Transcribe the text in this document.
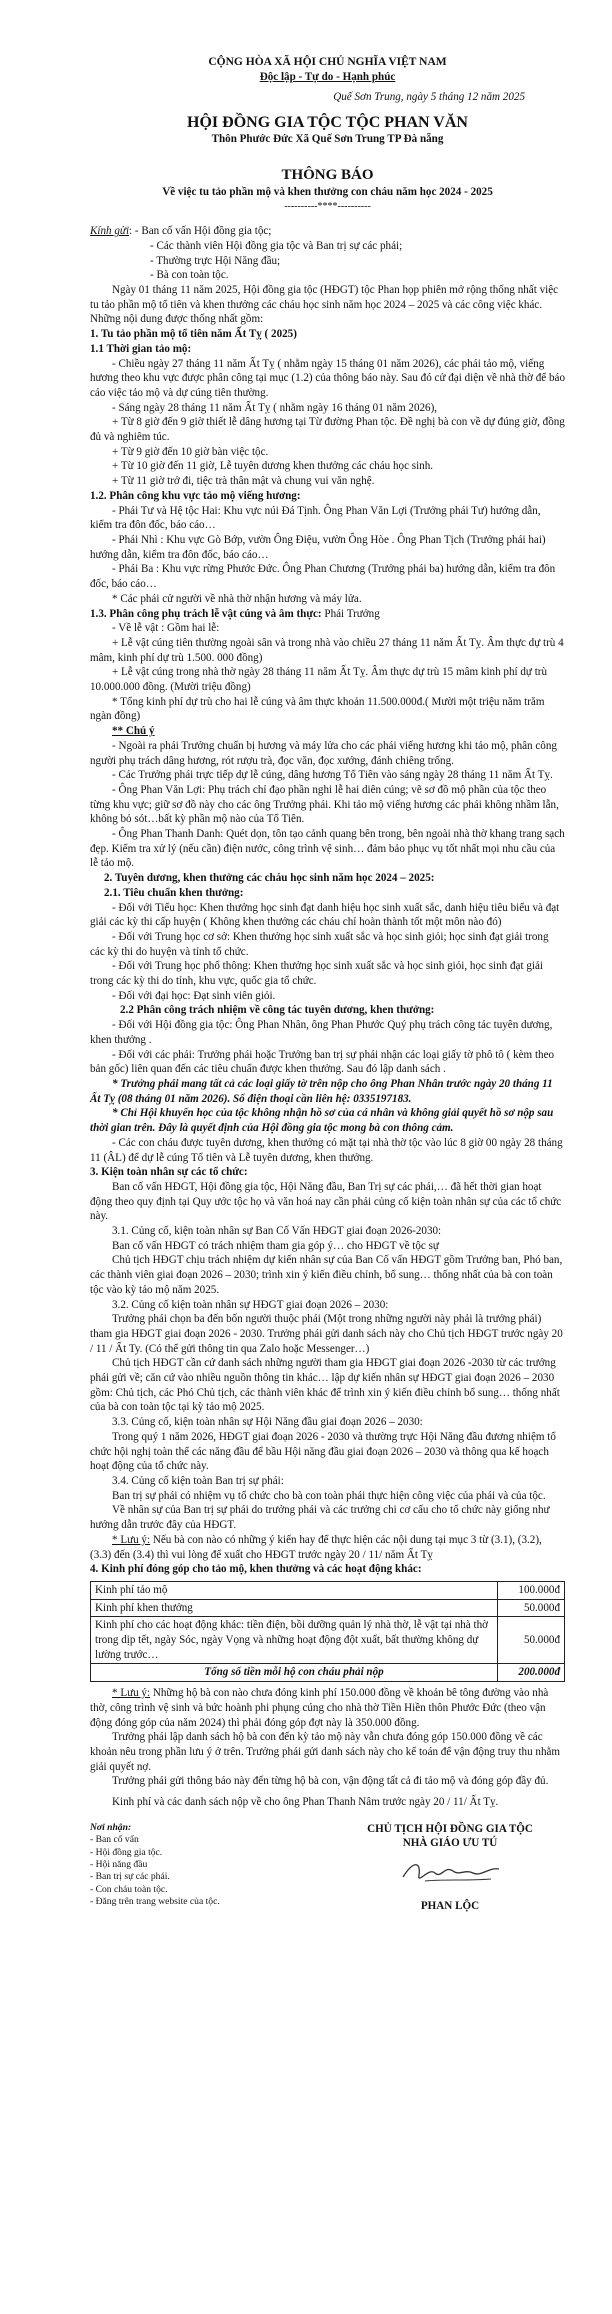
CỘNG HÒA XÃ HỘI CHỦ NGHĨA VIỆT NAM

Độc lập - Tự do - Hạnh phúc

Quế Sơn Trung, ngày 5 tháng 12 năm 2025

HỘI ĐỒNG GIA TỘC TỘC PHAN VĂN

Thôn Phước Đức Xã Quế Sơn Trung TP Đà nẵng

THÔNG BÁO

Về việc tu tảo phần mộ và khen thưởng con cháu năm học 2024 - 2025

----------****----------

Kính gửi: - Ban cố vấn Hội đồng gia tộc;

- Các thành viên Hội đồng gia tộc và Ban trị sự các phái;

- Thường trực Hội Năng đầu;

- Bà con toàn tộc.

Ngày 01 tháng 11 năm 2025, Hội đồng gia tộc (HĐGT) tộc Phan họp phiên mở rộng thống nhất việc tu tảo phần mộ tổ tiên và khen thưởng các cháu học sinh năm học 2024 – 2025 và các công việc khác. Những nội dung được thống nhất gồm:

1. Tu tảo phần mộ tổ tiên năm Ất Tỵ ( 2025)

1.1 Thời gian tảo mộ:

- Chiều ngày 27 tháng 11 năm Ất Tỵ ( nhằm ngày 15 tháng 01 năm 2026), các phái tảo mộ, viếng hương theo khu vực được phân công tại mục (1.2) của thông báo này. Sau đó cử đại diện về nhà thờ để báo cáo việc tảo mộ và dự cúng tiên thường.

- Sáng ngày 28 tháng 11 năm Ất Tỵ ( nhằm ngày 16 tháng 01 năm 2026),

+ Từ 8 giờ đến 9 giờ thiết lễ dâng hương tại Từ đường Phan tộc. Đề nghị bà con về dự đúng giờ, đồng đủ và nghiêm túc.

+ Từ 9 giờ đến 10 giờ bàn việc tộc.

+ Từ 10 giờ đến 11 giờ, Lễ tuyên dương khen thưởng các cháu học sinh.

+ Từ 11 giờ trở đi, tiệc trà thân mật và chung vui văn nghệ.

1.2. Phân công khu vực tảo mộ viếng hương:

- Phái Tư và Hệ tộc Hai: Khu vực núi Đá Tịnh. Ông Phan Văn Lợi (Trưởng phái Tư) hướng dẫn, kiểm tra đôn đốc, báo cáo…

- Phái Nhì : Khu vực Gò Bớp, vườn Ông Điệu, vườn Ông Hòe . Ông Phan Tịch (Trưởng phái hai) hướng dẫn, kiểm tra đôn đốc, báo cáo…

- Phái Ba : Khu vực rừng Phước Đức. Ông Phan Chương (Trưởng phái ba) hướng dẫn, kiểm tra đôn đốc, báo cáo…

* Các phái cử người về nhà thờ nhận hương và máy lửa.

1.3. Phân công phụ trách lễ vật cúng và âm thực: Phái Trưởng

- Về lễ vật : Gồm hai lễ:

+ Lễ vật cúng tiên thường ngoài sân và trong nhà vào chiều 27 tháng 11 năm Ất Tỵ. Âm thực dự trù 4 mâm, kinh phí dự trù 1.500. 000 đồng)

+ Lễ vật cúng trong nhà thờ ngày 28 tháng 11 năm Ất Tỵ. Âm thực dự trù 15 mâm kinh phí dự trù 10.000.000 đồng. (Mười triệu đồng)

* Tổng kinh phí dự trù cho hai lễ cúng và âm thực khoản 11.500.000đ.( Mười một triệu năm trăm ngàn đồng)

** Chú ý

- Ngoài ra phái Trưởng chuẩn bị hương và máy lửa cho các phái viếng hương khi tảo mộ, phân công người phụ trách dâng hương, rót rượu trà, đọc văn, đọc xướng, đánh chiêng trống.

- Các Trưởng phái trực tiếp dự lễ cúng, dâng hương Tổ Tiên vào sáng ngày 28 tháng 11 năm Ất Tỵ.

- Ông Phan Văn Lợi: Phụ trách chỉ đạo phần nghi lễ hai diên cúng; vẽ sơ đồ mộ phần của tộc theo từng khu vực; giữ sơ đồ này cho các ông Trưởng phái. Khi tảo mộ viếng hương các phái không nhầm lẫn, không bỏ sót…bất kỳ phần mộ nào của Tổ Tiên.

- Ông Phan Thanh Danh: Quét dọn, tôn tạo cảnh quang bên trong, bên ngoài nhà thờ khang trang sạch đẹp. Kiểm tra xử lý (nếu cần) điện nước, công trình vệ sinh… đảm bảo phục vụ tốt nhất mọi nhu cầu của lễ tảo mộ.

2. Tuyên dương, khen thưởng các cháu học sinh năm học 2024 – 2025:

2.1. Tiêu chuẩn khen thưởng:

- Đối với Tiểu học: Khen thưởng học sinh đạt danh hiệu học sinh xuất sắc, danh hiệu tiêu biểu và đạt giải các kỳ thi cấp huyện ( Không khen thưởng các cháu chỉ hoàn thành tốt một môn nào đó)

- Đối với Trung học cơ sở: Khen thưởng học sinh xuất sắc và học sinh giỏi; học sinh đạt giải trong các kỳ thi do huyện và tỉnh tổ chức.

- Đối với Trung học phổ thông: Khen thưởng học sinh xuất sắc và học sinh giỏi, học sinh đạt giải trong các kỳ thi do tỉnh, khu vực, quốc gia tổ chức.

- Đối với đại học: Đạt sinh viên giỏi.

2.2 Phân công trách nhiệm về công tác tuyên dương, khen thưởng:

- Đối với Hội đồng gia tộc: Ông Phan Nhân, ông Phan Phước Quý phụ trách công tác tuyên dương, khen thưởng .

- Đối với các phái: Trưởng phái hoặc Trưởng ban trị sự phái nhận các loại giấy tờ phô tô ( kèm theo bản gốc) liên quan đến các tiêu chuẩn được khen thưởng. Sau đó lập danh sách .

* Trưởng phái mang tất cả các loại giấy tờ trên nộp cho ông Phan Nhân trước ngày 20 tháng 11 Ất Tỵ (08 tháng 01 năm 2026). Số điện thoại cần liên hệ: 0335197183.

* Chỉ Hội khuyến học của tộc không nhận hồ sơ của cá nhân và không giải quyết hồ sơ nộp sau thời gian trên. Đây là quyết định của Hội đồng gia tộc mong bà con thông cảm.

- Các con cháu được tuyên dương, khen thưởng có mặt tại nhà thờ tộc vào lúc 8 giờ 00 ngày 28 tháng 11 (ÂL) để dự lễ cúng Tổ tiên và Lễ tuyên dương, khen thưởng.

3. Kiện toàn nhân sự các tổ chức:

Ban cố vấn HĐGT, Hội đồng gia tộc, Hội Năng đầu, Ban Trị sự các phái,… đã hết thời gian hoạt động theo quy định tại Quy ước tộc họ và văn hoá nay cần phải củng cố kiện toàn nhân sự của các tổ chức này.

3.1. Củng cố, kiện toàn nhân sự Ban Cố Vấn HĐGT giai đoạn 2026-2030:

Ban cố vấn HĐGT có trách nhiệm tham gia góp ý… cho HĐGT về tộc sự

Chủ tịch HĐGT chịu trách nhiệm dự kiến nhân sự của Ban Cố vấn HĐGT gồm Trưởng ban, Phó ban, các thành viên giai đoạn 2026 – 2030; trình xin ý kiến điều chỉnh, bổ sung… thống nhất của bà con toàn tộc vào kỳ tảo mộ năm 2025.

3.2. Củng cố kiện toàn nhân sự HĐGT giai đoạn 2026 – 2030:

Trưởng phái chọn ba đến bốn người thuộc phái (Một trong những người này phải là trưởng phái) tham gia HĐGT giai đoạn 2026 - 2030. Trưởng phái gửi danh sách này cho Chủ tịch HĐGT trước ngày 20 / 11 / Ất Ty. (Có thể gửi thông tin qua Zalo hoặc Messenger…)

Chủ tịch HĐGT cần cứ danh sách những người tham gia HĐGT giai đoạn 2026 -2030 từ các trưởng phái gửi về; căn cứ vào nhiều nguồn thông tin khác… lập dự kiến nhân sự HĐGT giai đoạn 2026 – 2030 gồm: Chủ tịch, các Phó Chủ tịch, các thành viên khác để trình xin ý kiến điều chỉnh bổ sung… thống nhất của bà con toàn tộc tại kỳ tảo mộ 2025.

3.3. Củng cố, kiện toàn nhân sự Hội Năng đầu giai đoạn 2026 – 2030:

Trong quý 1 năm 2026, HĐGT giai đoạn 2026 - 2030 và thường trực Hội Năng đầu đương nhiệm tổ chức hội nghị toàn thể các năng đầu để bầu Hội năng đầu giai đoạn 2026 – 2030 và thông qua kế hoạch hoạt động của tổ chức này.

3.4. Củng cố kiện toàn Ban trị sự phái:

Ban trị sự phái có nhiệm vụ tổ chức cho bà con toàn phái thực hiện công việc của phái và của tộc.

Về nhân sự của Ban trị sự phái do trưởng phái và các trưởng chi cơ cấu cho tổ chức này giống như hướng dẫn trước đây của HĐGT.

* Lưu ý: Nếu bà con nào có những ý kiến hay để thực hiện các nội dung tại mục 3 từ (3.1), (3.2), (3.3) đến (3.4) thì vui lòng để xuất cho HĐGT trước ngày 20 / 11/ năm Ất Tỵ

4. Kinh phí đóng góp cho tảo mộ, khen thưởng và các hoạt động khác:

Kinh phí tảo mộ	100.000đ
Kinh phí khen thưởng	50.000đ
Kinh phí cho các hoạt động khác: tiền điện, bồi dưỡng quản lý nhà thờ, lễ vật tại nhà thờ trong dịp tết, ngày Sóc, ngày Vọng và những hoạt động đột xuất, bất thường không dự lường trước…	50.000đ
Tổng số tiền mỗi hộ con cháu phải nộp	200.000đ

* Lưu ý: Những hộ bà con nào chưa đóng kinh phí 150.000 đồng về khoản bê tông đường vào nhà thờ, công trình vệ sinh và bức hoành phi phụng cúng cho nhà thờ Tiền Hiền thôn Phước Đức (theo vận động đóng góp của năm 2024) thì phải đóng góp đợt này là 350.000 đồng.

Trưởng phái lập danh sách hộ bà con đến kỳ tảo mộ này vẫn chưa đóng góp 150.000 đồng về các khoản nêu trong phần lưu ý ở trên. Trưởng phái gửi danh sách này cho kế toán để vận động truy thu nhằm giải quyết nợ.

Trưởng phái gửi thông báo này đến từng hộ bà con, vận động tất cả đi tảo mộ và đóng góp đầy đủ.

Kinh phí và các danh sách nộp về cho ông Phan Thanh Nâm trước ngày 20 / 11/ Ất Tỵ.

Nơi nhận:

- Ban cố vấn

- Hội đồng gia tộc.

- Hội năng đầu

- Ban trị sự các phái.

- Con cháu toàn tộc.

- Đăng trên trang website của tộc.

CHỦ TỊCH HỘI ĐỒNG GIA TỘC

NHÀ GIÁO ƯU TÚ

PHAN LỘC
